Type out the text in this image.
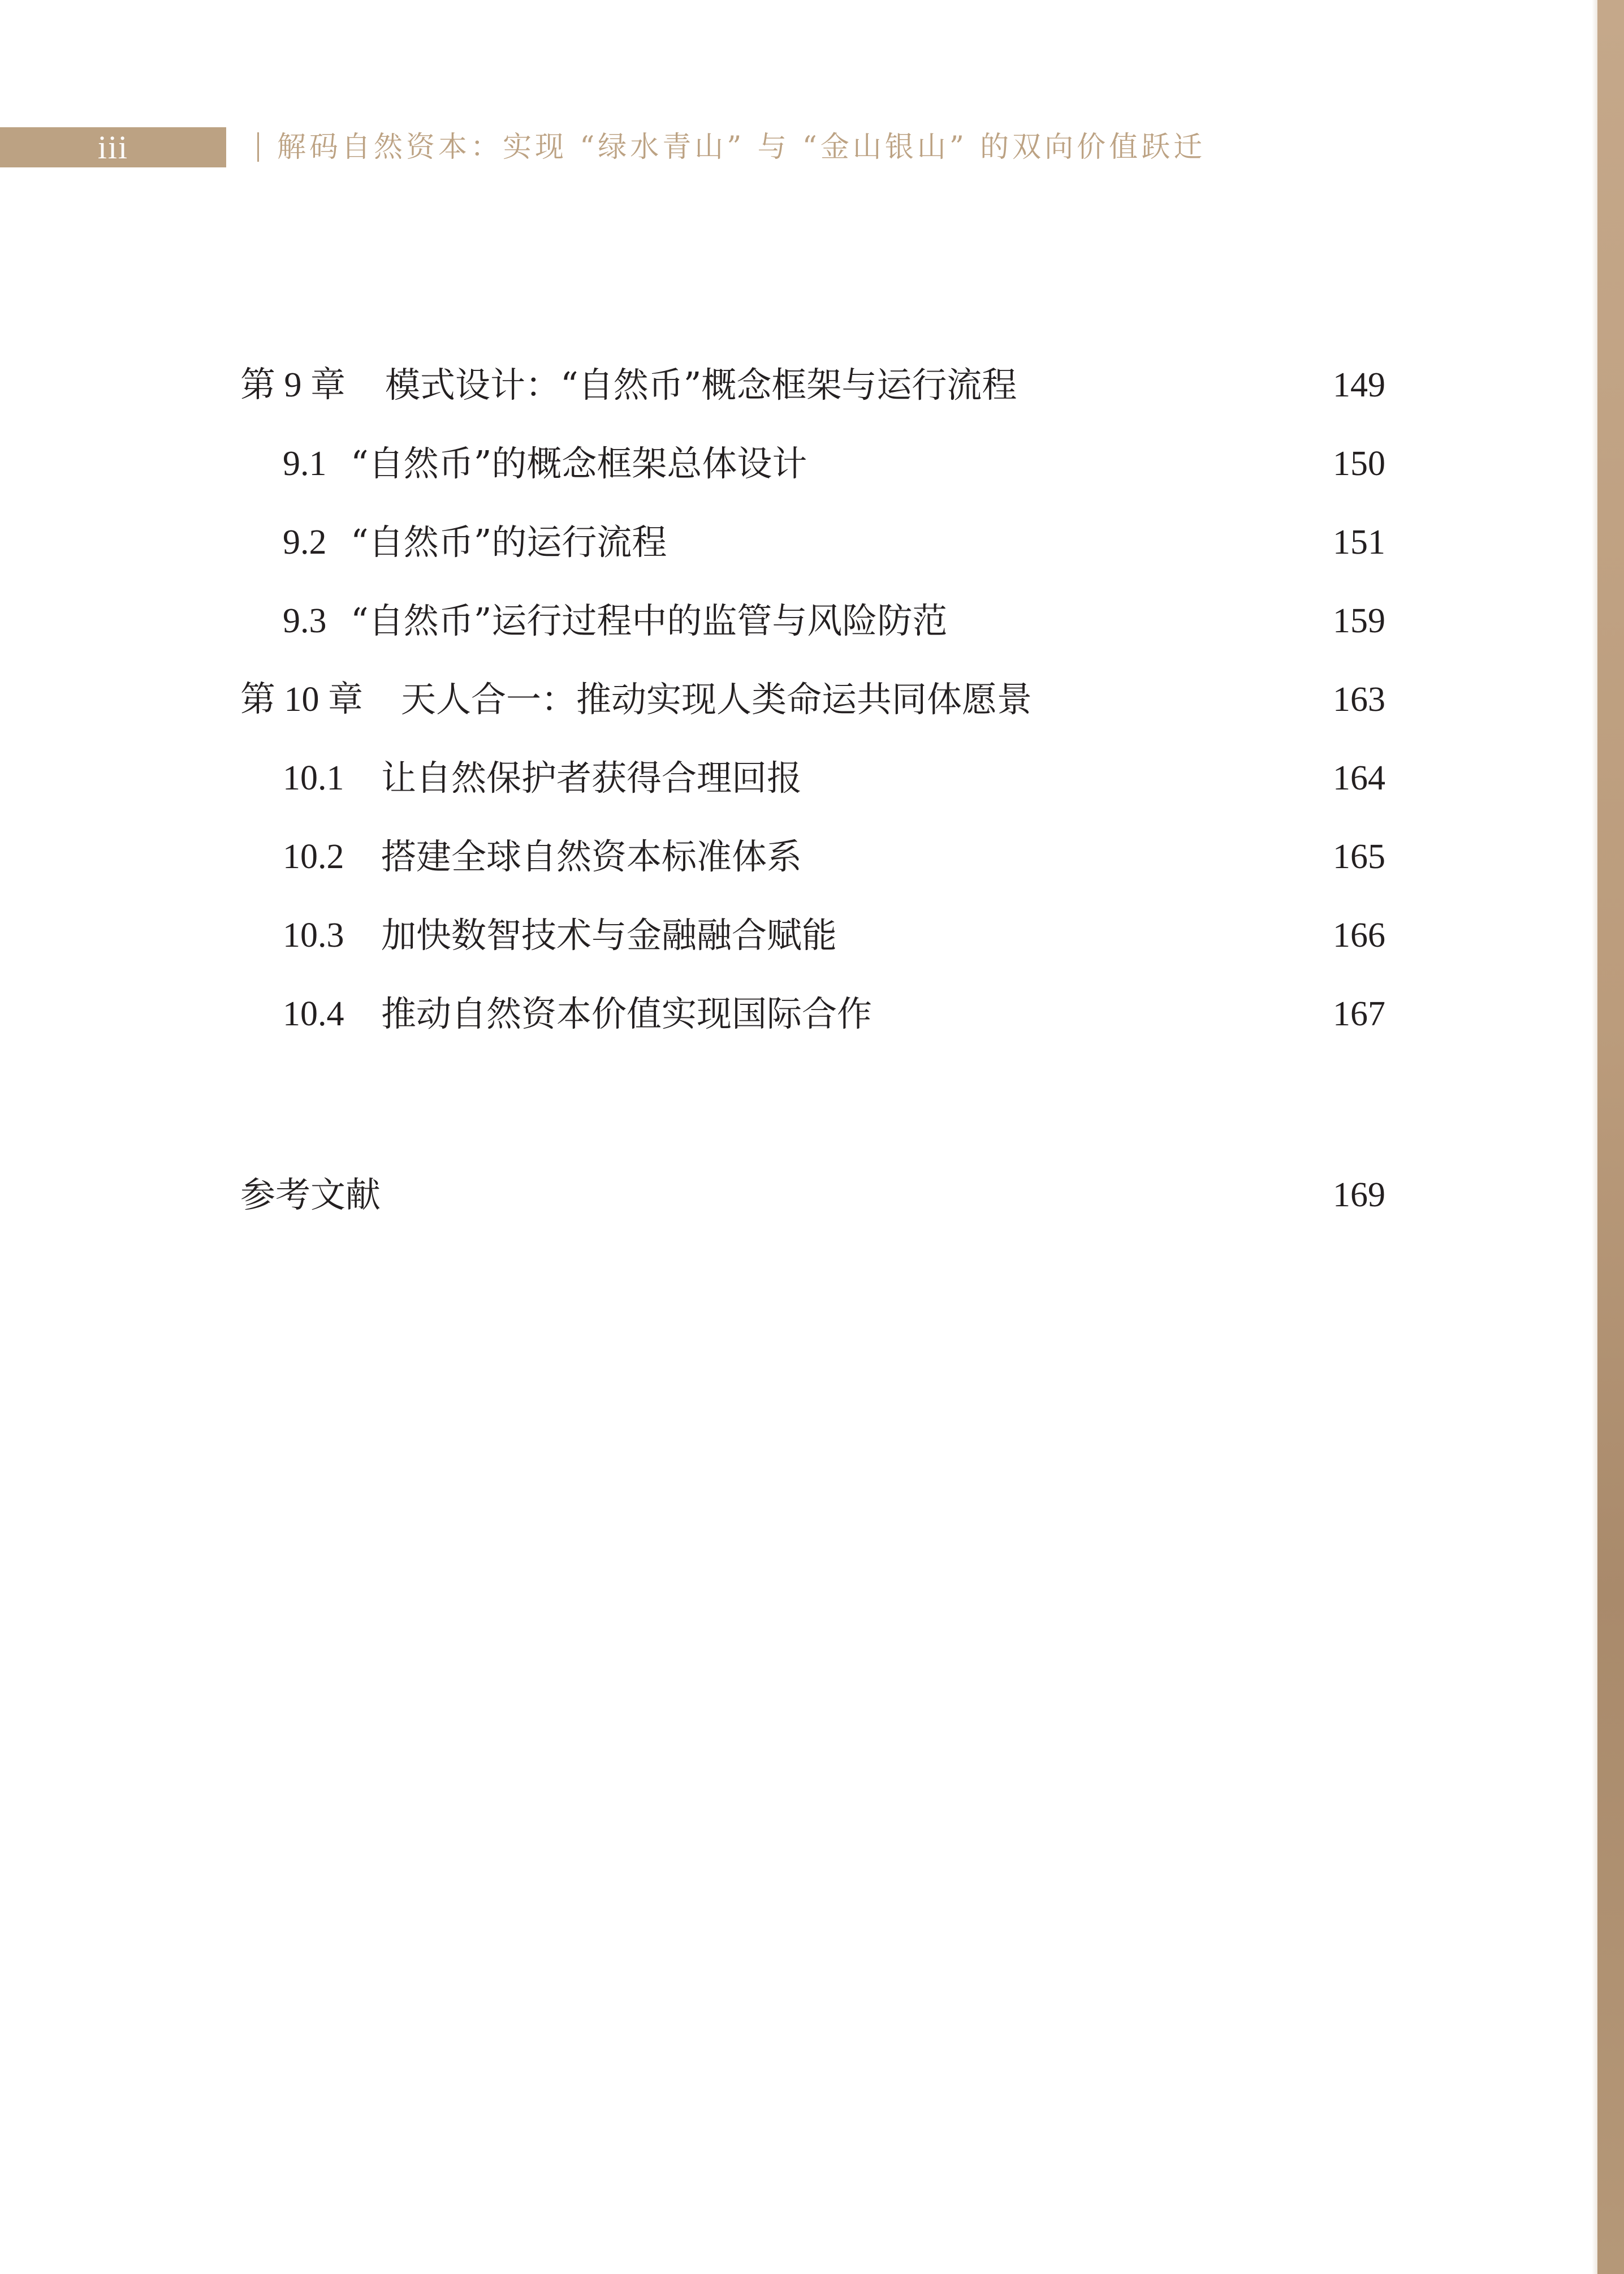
iii	解码自然资本：实现 “绿水青山” 与 “金山银山” 的双向价值跃迁
第 9 章 模式设计：“自然币”概念框架与运行流程	149
9.1 “自然币”的概念框架总体设计	150
9.2 “自然币”的运行流程	151
9.3 “自然币”运行过程中的监管与风险防范	159
第 10 章 天人合一：推动实现人类命运共同体愿景	163
10.1 让自然保护者获得合理回报	164
10.2 搭建全球自然资本标准体系	165
10.3 加快数智技术与金融融合赋能	166
10.4 推动自然资本价值实现国际合作	167
参考文献	169
